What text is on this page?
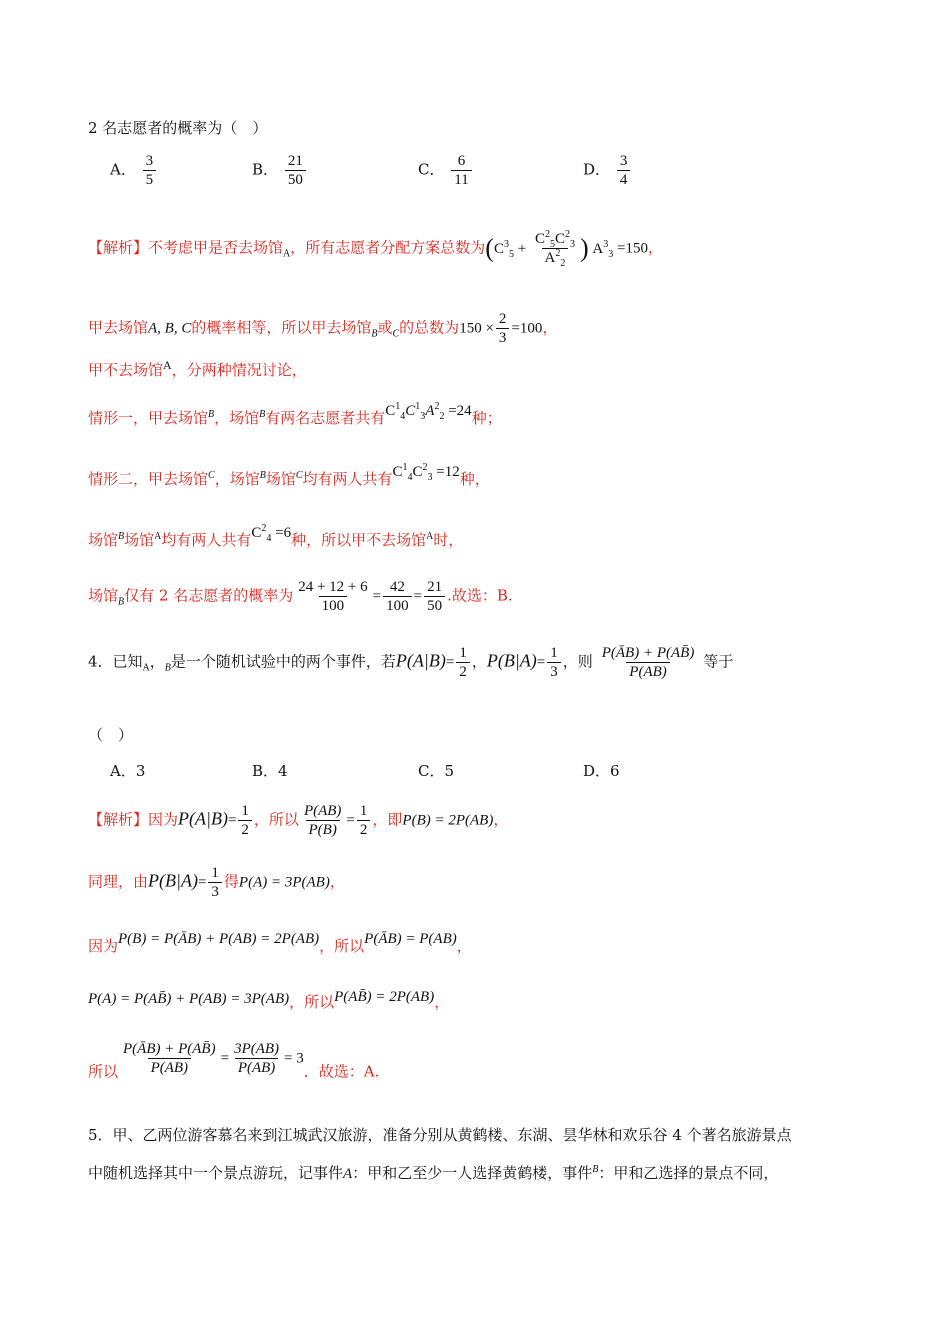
2 名志愿者的概率为（　）
A． $\frac{3}{5}$	B． $\frac{21}{50}$	C． $\frac{6}{11}$	D． $\frac{3}{4}$
【解析】不考虑甲是否去场馆$_A$，所有志愿者分配方案总数为($C^3_5 + \frac{C^2_5C^2_3}{A^2_2}$ ) $A^3_3 =150$，
甲去场馆A, B, C的概率相等，所以甲去场馆$_B$或$_C$的总数为$150 \times \frac{2}{3} =100$，
甲不去场馆$^A$，分两种情况讨论，
情形一，甲去场馆$^B$，场馆$^B$有两名志愿者共有$C^1_4C^1_3A^2_2 =24$种；
情形二，甲去场馆$^C$，场馆$^B$场馆$^C$均有两人共有$C^1_4C^2_3 =12$种，
场馆$^B$场馆$^A$均有两人共有$C^2_4 =6$种，所以甲不去场馆$^A$时，
场馆$_B$仅有 2 名志愿者的概率为 $\frac{24 + 12 + 6}{100} = \frac{42}{100} = \frac{21}{50}$ .故选：B.
4．已知$_A$，$_B$是一个随机试验中的两个事件，若$P(A|B)= \frac{1}{2}$ ，$P(B|A)= \frac{1}{3}$ ，则 $\frac{P(ĀB) + P(AB̄)}{P(AB)}$ 等于
（　）
A．3	B．4	C．5	D．6
【解析】因为$P(A|B)= \frac{1}{2}$ ，所以 $\frac{P(AB)}{P(B)} = \frac{1}{2}$ ，即P(B) = 2P(AB)，
同理，由$P(B|A)= \frac{1}{3}$ 得P(A) = 3P(AB)，
因为P(B) = P(ĀB) + P(AB) = 2P(AB)，所以P(ĀB) = P(AB)，
P(A) = P(AB̄) + P(AB) = 3P(AB)，所以P(AB̄) = 2P(AB)，
所以 $\frac{P(ĀB) + P(AB̄)}{P(AB)} = \frac{3P(AB)}{P(AB)} = 3$．故选：A.
5．甲、乙两位游客慕名来到江城武汉旅游，准备分别从黄鹤楼、东湖、昙华林和欢乐谷 4 个著名旅游景点
中随机选择其中一个景点游玩，记事件A：甲和乙至少一人选择黄鹤楼，事件$^B$：甲和乙选择的景点不同，
